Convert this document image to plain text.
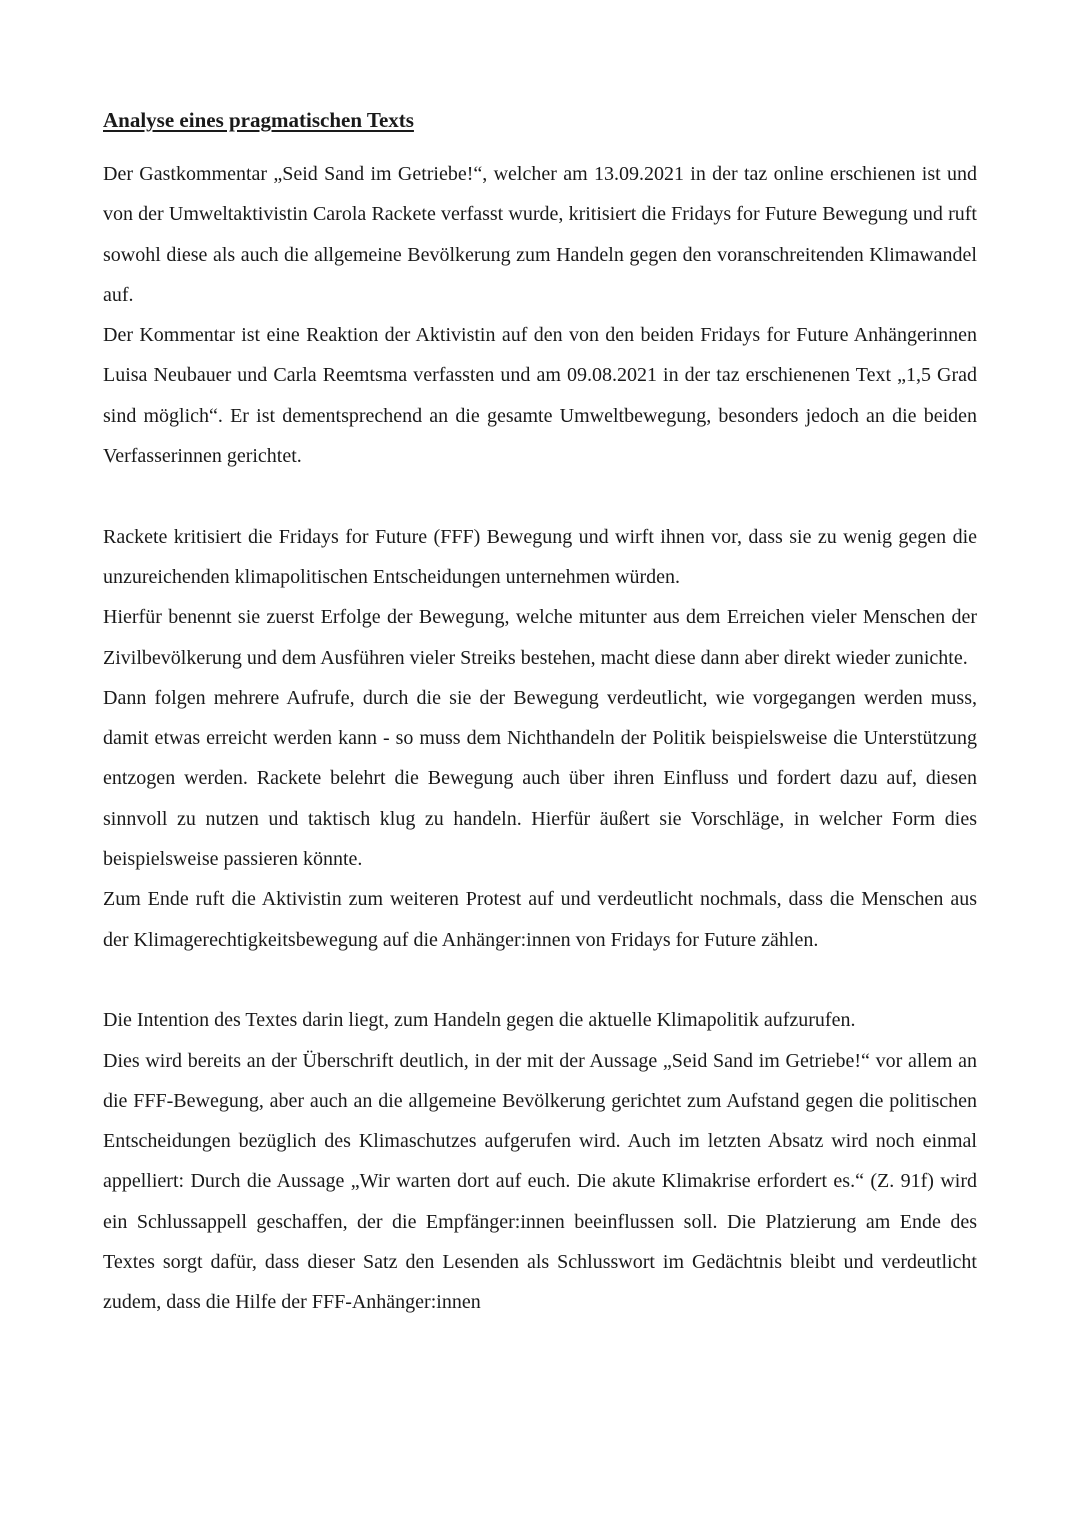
Analyse eines pragmatischen Texts

Der Gastkommentar „Seid Sand im Getriebe!“, welcher am 13.09.2021 in der taz online erschienen ist und von der Umweltaktivistin Carola Rackete verfasst wurde, kritisiert die Fridays for Future Bewegung und ruft sowohl diese als auch die allgemeine Bevölkerung zum Handeln gegen den voranschreitenden Klimawandel auf.

Der Kommentar ist eine Reaktion der Aktivistin auf den von den beiden Fridays for Future Anhängerinnen Luisa Neubauer und Carla Reemtsma verfassten und am 09.08.2021 in der taz erschienenen Text „1,5 Grad sind möglich“. Er ist dementsprechend an die gesamte Umweltbewegung, besonders jedoch an die beiden Verfasserinnen gerichtet.

Rackete kritisiert die Fridays for Future (FFF) Bewegung und wirft ihnen vor, dass sie zu wenig gegen die unzureichenden klimapolitischen Entscheidungen unternehmen würden.

Hierfür benennt sie zuerst Erfolge der Bewegung, welche mitunter aus dem Erreichen vieler Menschen der Zivilbevölkerung und dem Ausführen vieler Streiks bestehen, macht diese dann aber direkt wieder zunichte.

Dann folgen mehrere Aufrufe, durch die sie der Bewegung verdeutlicht, wie vorgegangen werden muss, damit etwas erreicht werden kann - so muss dem Nichthandeln der Politik beispielsweise die Unterstützung entzogen werden. Rackete belehrt die Bewegung auch über ihren Einfluss und fordert dazu auf, diesen sinnvoll zu nutzen und taktisch klug zu handeln. Hierfür äußert sie Vorschläge, in welcher Form dies beispielsweise passieren könnte.

Zum Ende ruft die Aktivistin zum weiteren Protest auf und verdeutlicht nochmals, dass die Menschen aus der Klimagerechtigkeitsbewegung auf die Anhänger:innen von Fridays for Future zählen.

Die Intention des Textes darin liegt, zum Handeln gegen die aktuelle Klimapolitik aufzurufen.

Dies wird bereits an der Überschrift deutlich, in der mit der Aussage „Seid Sand im Getriebe!“ vor allem an die FFF-Bewegung, aber auch an die allgemeine Bevölkerung gerichtet zum Aufstand gegen die politischen Entscheidungen bezüglich des Klimaschutzes aufgerufen wird. Auch im letzten Absatz wird noch einmal appelliert: Durch die Aussage „Wir warten dort auf euch. Die akute Klimakrise erfordert es.“ (Z. 91f) wird ein Schlussappell geschaffen, der die Empfänger:innen beeinflussen soll. Die Platzierung am Ende des Textes sorgt dafür, dass dieser Satz den Lesenden als Schlusswort im Gedächtnis bleibt und verdeutlicht zudem, dass die Hilfe der FFF-Anhänger:innen
